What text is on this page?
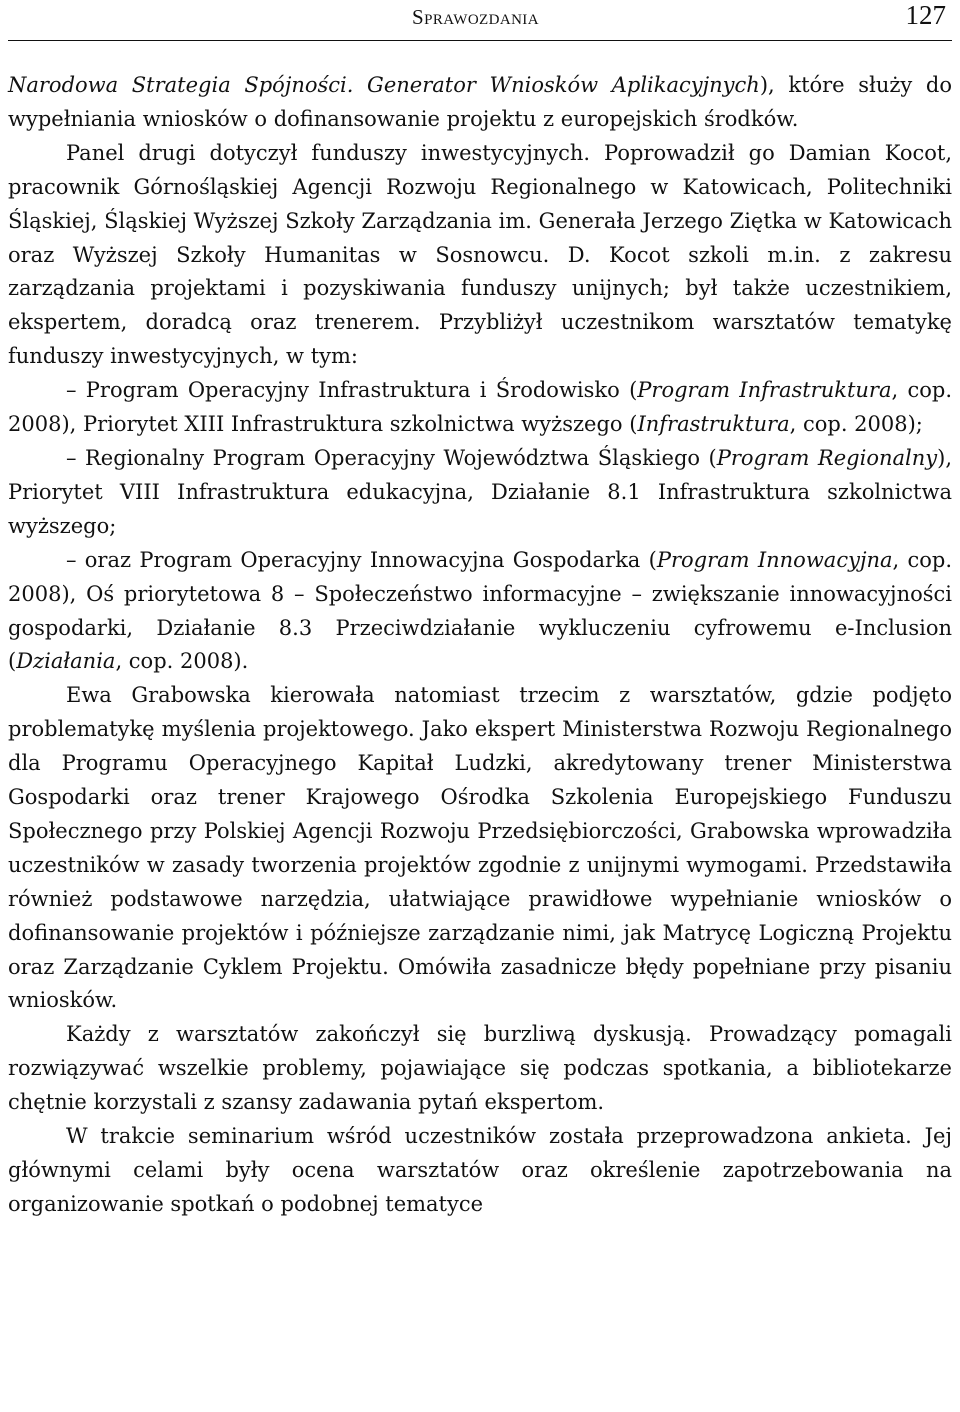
Sprawozdania	127

Narodowa Strategia Spójności. Generator Wniosków Aplikacyjnych), które służy do wypełniania wniosków o dofinansowanie projektu z europejskich środków.

Panel drugi dotyczył funduszy inwestycyjnych. Poprowadził go Damian Kocot, pracownik Górnośląskiej Agencji Rozwoju Regionalnego w Katowicach, Politechniki Śląskiej, Śląskiej Wyższej Szkoły Zarządzania im. Generała Jerzego Ziętka w Katowicach oraz Wyższej Szkoły Humanitas w Sosnowcu. D. Kocot szkoli m.in. z zakresu zarządzania projektami i pozyskiwania funduszy unijnych; był także uczestnikiem, ekspertem, doradcą oraz trenerem. Przybliżył uczestnikom warsztatów tematykę funduszy inwestycyjnych, w tym:

– Program Operacyjny Infrastruktura i Środowisko (Program Infrastruktura, cop. 2008), Priorytet XIII Infrastruktura szkolnictwa wyższego (Infrastruktura, cop. 2008);

– Regionalny Program Operacyjny Województwa Śląskiego (Program Regionalny), Priorytet VIII Infrastruktura edukacyjna, Działanie 8.1 Infrastruktura szkolnictwa wyższego;

– oraz Program Operacyjny Innowacyjna Gospodarka (Program Innowacyjna, cop. 2008), Oś priorytetowa 8 – Społeczeństwo informacyjne – zwiększanie innowacyjności gospodarki, Działanie 8.3 Przeciwdziałanie wykluczeniu cyfrowemu e-Inclusion (Działania, cop. 2008).

Ewa Grabowska kierowała natomiast trzecim z warsztatów, gdzie podjęto problematykę myślenia projektowego. Jako ekspert Ministerstwa Rozwoju Regionalnego dla Programu Operacyjnego Kapitał Ludzki, akredytowany trener Ministerstwa Gospodarki oraz trener Krajowego Ośrodka Szkolenia Europejskiego Funduszu Społecznego przy Polskiej Agencji Rozwoju Przedsiębiorczości, Grabowska wprowadziła uczestników w zasady tworzenia projektów zgodnie z unijnymi wymogami. Przedstawiła również podstawowe narzędzia, ułatwiające prawidłowe wypełnianie wniosków o dofinansowanie projektów i późniejsze zarządzanie nimi, jak Matrycę Logiczną Projektu oraz Zarządzanie Cyklem Projektu. Omówiła zasadnicze błędy popełniane przy pisaniu wniosków.

Każdy z warsztatów zakończył się burzliwą dyskusją. Prowadzący pomagali rozwiązywać wszelkie problemy, pojawiające się podczas spotkania, a bibliotekarze chętnie korzystali z szansy zadawania pytań ekspertom.

W trakcie seminarium wśród uczestników została przeprowadzona ankieta. Jej głównymi celami były ocena warsztatów oraz określenie zapotrzebowania na organizowanie spotkań o podobnej tematyce
